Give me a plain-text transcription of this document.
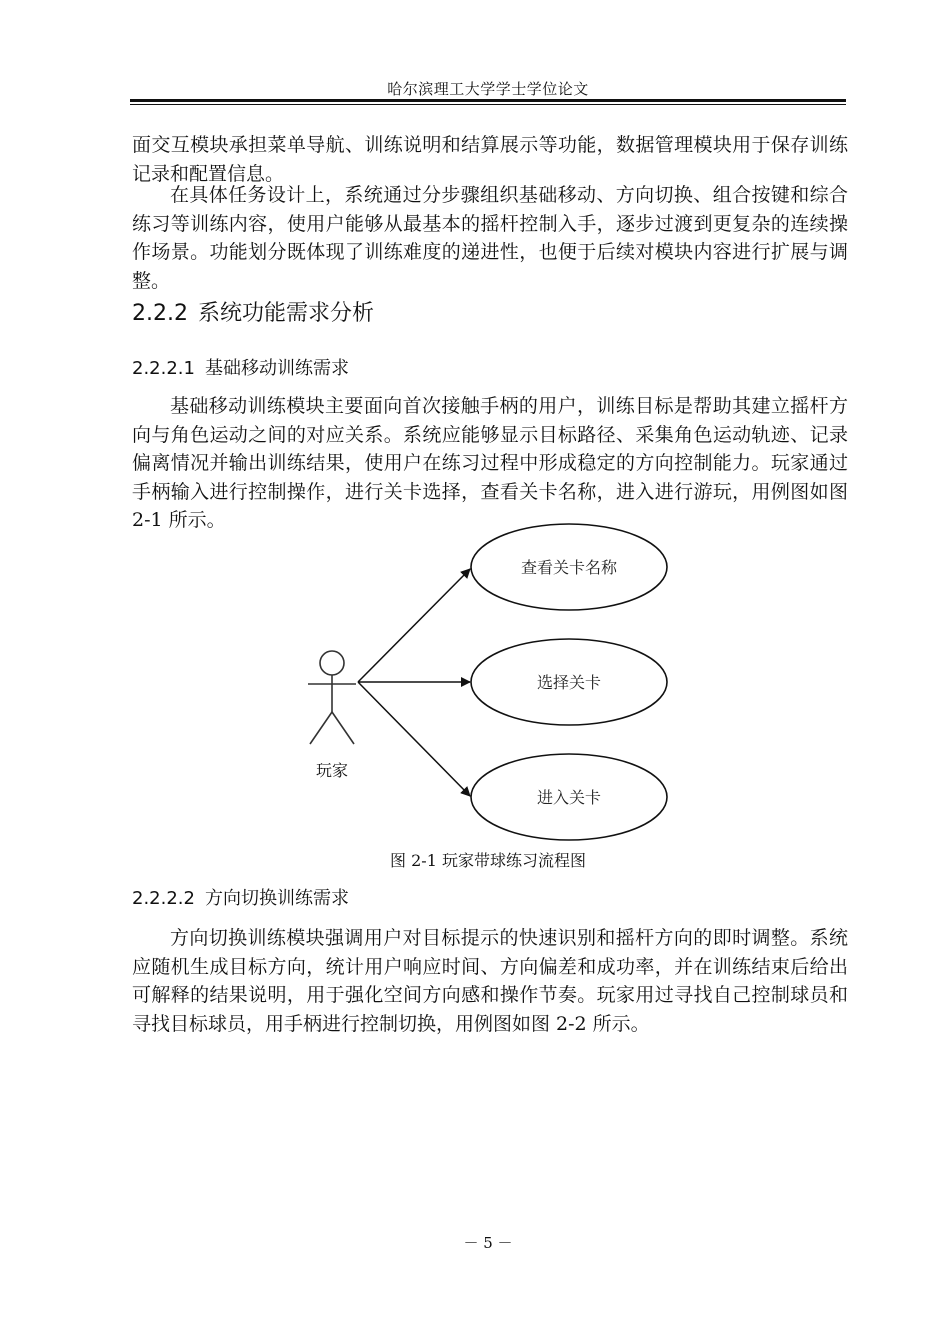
哈尔滨理工大学学士学位论文

面交互模块承担菜单导航、训练说明和结算展示等功能，数据管理模块用于保存训练记录和配置信息。

在具体任务设计上，系统通过分步骤组织基础移动、方向切换、组合按键和综合练习等训练内容，使用户能够从最基本的摇杆控制入手，逐步过渡到更复杂的连续操作场景。功能划分既体现了训练难度的递进性，也便于后续对模块内容进行扩展与调整。

2.2.2 系统功能需求分析
2.2.2.1 基础移动训练需求

基础移动训练模块主要面向首次接触手柄的用户，训练目标是帮助其建立摇杆方向与角色运动之间的对应关系。系统应能够显示目标路径、采集角色运动轨迹、记录偏离情况并输出训练结果，使用户在练习过程中形成稳定的方向控制能力。玩家通过手柄输入进行控制操作，进行关卡选择，查看关卡名称，进入进行游玩，用例图如图 2-1 所示。

玩家
查看关卡名称
选择关卡
进入关卡
图 2-1 玩家带球练习流程图
2.2.2.2 方向切换训练需求

方向切换训练模块强调用户对目标提示的快速识别和摇杆方向的即时调整。系统应随机生成目标方向，统计用户响应时间、方向偏差和成功率，并在训练结束后给出可解释的结果说明，用于强化空间方向感和操作节奏。玩家用过寻找自己控制球员和寻找目标球员，用手柄进行控制切换，用例图如图 2-2 所示。

－ 5 －
